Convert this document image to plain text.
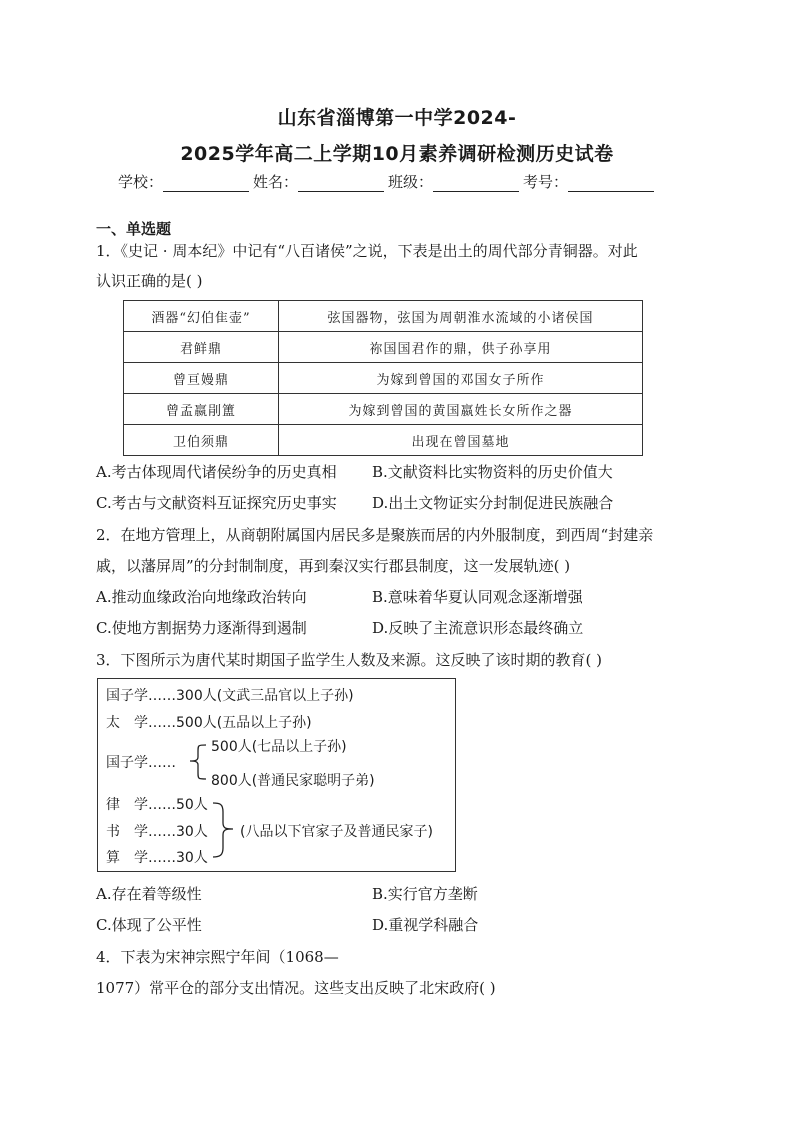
山东省淄博第一中学2024-
2025学年高二上学期10月素养调研检测历史试卷
学校：	姓名：	班级：	考号：
一、单选题
1．《史记 · 周本纪》中记有“八百诸侯”之说，下表是出土的周代部分青铜器。对此
认识正确的是( )
酒器“幻伯隹壶”	弦国器物，弦国为周朝淮水流域的小诸侯国
君鲜鼎	祢国国君作的鼎，供子孙享用
曾亘嫚鼎	为嫁到曾国的邓国女子所作
曾孟嬴剈簠	为嫁到曾国的黄国嬴姓长女所作之器
卫伯须鼎	出现在曾国墓地
A.考古体现周代诸侯纷争的历史真相 B.文献资料比实物资料的历史价值大
C.考古与文献资料互证探究历史事实 D.出土文物证实分封制促进民族融合
2．在地方管理上，从商朝附属国内居民多是聚族而居的内外服制度，到西周“封建亲
戚，以藩屏周”的分封制制度，再到秦汉实行郡县制度，这一发展轨迹( )
A.推动血缘政治向地缘政治转向	B.意味着华夏认同观念逐渐增强
C.使地方割据势力逐渐得到遏制	D.反映了主流意识形态最终确立
3．下图所示为唐代某时期国子监学生人数及来源。这反映了该时期的教育( )
国子学……300人(文武三品官以上子孙)
太　学……500人(五品以上子孙)
国子学……
500人(七品以上子孙)
800人(普通民家聪明子弟)
律　学……50人
书　学……30人
算　学……30人
(八品以下官家子及普通民家子)
A.存在着等级性	B.实行官方垄断
C.体现了公平性	D.重视学科融合
4．下表为宋神宗熙宁年间（1068—
1077）常平仓的部分支出情况。这些支出反映了北宋政府( )
